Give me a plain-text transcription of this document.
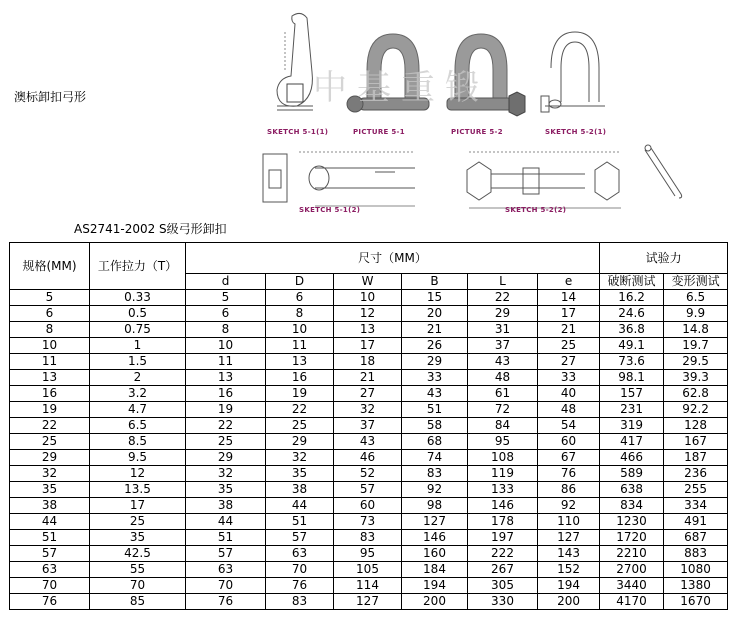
澳标卸扣弓形
SKETCH 5-1(1)	PICTURE 5-1	PICTURE 5-2	SKETCH 5-2(1)
SKETCH 5-1(2)	SKETCH 5-2(2)
中基重锻
AS2741-2002 S级弓形卸扣
规格(MM)	工作拉力（T）	尺寸（MM）						试验力	
		d	D	W	B	L	e	破断测试	变形测试
5	0.33	5	6	10	15	22	14	16.2	6.5
6	0.5	6	8	12	20	29	17	24.6	9.9
8	0.75	8	10	13	21	31	21	36.8	14.8
10	1	10	11	17	26	37	25	49.1	19.7
11	1.5	11	13	18	29	43	27	73.6	29.5
13	2	13	16	21	33	48	33	98.1	39.3
16	3.2	16	19	27	43	61	40	157	62.8
19	4.7	19	22	32	51	72	48	231	92.2
22	6.5	22	25	37	58	84	54	319	128
25	8.5	25	29	43	68	95	60	417	167
29	9.5	29	32	46	74	108	67	466	187
32	12	32	35	52	83	119	76	589	236
35	13.5	35	38	57	92	133	86	638	255
38	17	38	44	60	98	146	92	834	334
44	25	44	51	73	127	178	110	1230	491
51	35	51	57	83	146	197	127	1720	687
57	42.5	57	63	95	160	222	143	2210	883
63	55	63	70	105	184	267	152	2700	1080
70	70	70	76	114	194	305	194	3440	1380
76	85	76	83	127	200	330	200	4170	1670
